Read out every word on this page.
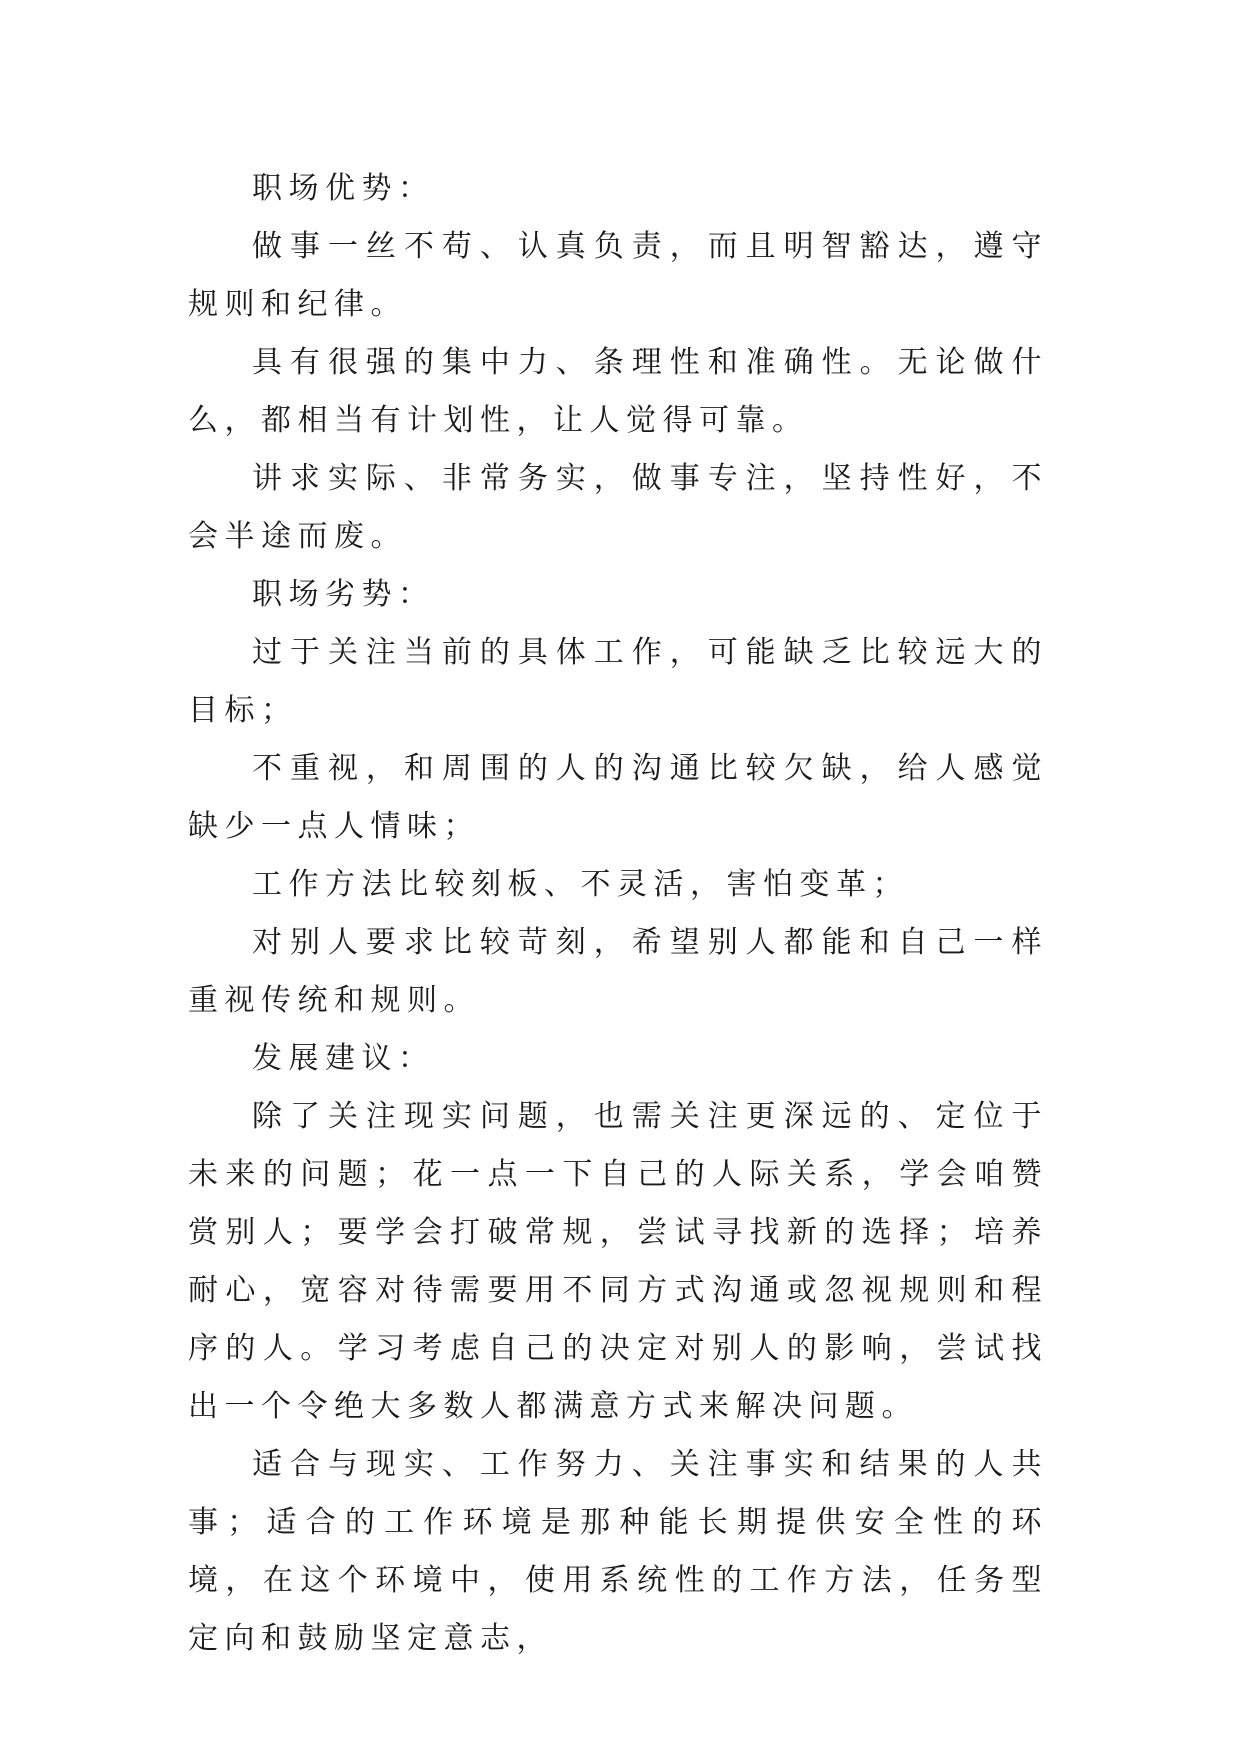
职场优势：

做事一丝不苟、认真负责，而且明智豁达，遵守规则和纪律。

具有很强的集中力、条理性和准确性。无论做什么，都相当有计划性，让人觉得可靠。

讲求实际、非常务实，做事专注，坚持性好，不会半途而废。

职场劣势：

过于关注当前的具体工作，可能缺乏比较远大的目标；

不重视，和周围的人的沟通比较欠缺，给人感觉缺少一点人情味；

工作方法比较刻板、不灵活，害怕变革；

对别人要求比较苛刻，希望别人都能和自己一样重视传统和规则。

发展建议：

除了关注现实问题，也需关注更深远的、定位于未来的问题；花一点一下自己的人际关系，学会咱赞赏别人；要学会打破常规，尝试寻找新的选择；培养耐心，宽容对待需要用不同方式沟通或忽视规则和程序的人。学习考虑自己的决定对别人的影响，尝试找出一个令绝大多数人都满意方式来解决问题。

适合与现实、工作努力、关注事实和结果的人共事；适合的工作环境是那种能长期提供安全性的环境，在这个环境中，使用系统性的工作方法，任务型定向和鼓励坚定意志，
